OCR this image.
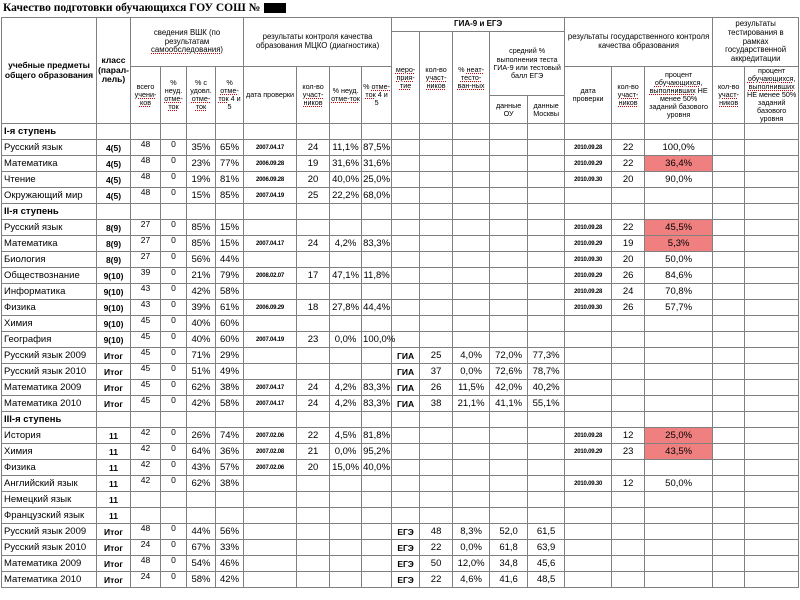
Качество подготовки обучающихся ГОУ СОШ №
учебные предметы общего образования	класс (парал-лель)	сведения ВШК (по результатам самообследования)				результаты контроля качества образования МЦКО (диагностика)				ГИА-9 и ЕГЭ					результаты государственного контроля качества образования			результаты тестирования в рамках государственной аккредитации	
										меро-прия-тие	кол-во участ-ников	% неат-тесто-ван-ных	средний % выполнения теста ГИА-9 или тестовый балл ЕГЭ						
		всего учени-ков	% неуд. отме-ток	% с удовл. отме-ток	% отме-ток 4 и 5	дата проверки	кол-во участ-ников	% неуд. отме-ток	% отме-ток 4 и 5						дата проверки	кол-во участ-ников	процент обучающихся, выполнивших НЕ менее 50% заданий базового уровня	кол-во участ-ников	процент обучающихся, выполнивших НЕ менее 50% заданий базового уровня
													данные ОУ	данные Москвы					
I-я ступень																			
Русский язык	4(5)	48	0	35%	65%	2007.04.17	24	11,1%	87,5%						2010.09.28	22	100,0%		
Математика	4(5)	48	0	23%	77%	2006.09.28	19	31,6%	31,6%						2010.09.29	22	36,4%		
Чтение	4(5)	48	0	19%	81%	2006.09.28	20	40,0%	25,0%						2010.09.30	20	90,0%		
Окружающий мир	4(5)	48	0	15%	85%	2007.04.19	25	22,2%	68,0%										
II-я ступень																			
Русский язык	8(9)	27	0	85%	15%										2010.09.28	22	45,5%		
Математика	8(9)	27	0	85%	15%	2007.04.17	24	4,2%	83,3%						2010.09.29	19	5,3%		
Биология	8(9)	27	0	56%	44%										2010.09.30	20	50,0%		
Обществознание	9(10)	39	0	21%	79%	2008.02.07	17	47,1%	11,8%						2010.09.29	26	84,6%		
Информатика	9(10)	43	0	42%	58%										2010.09.28	24	70,8%		
Физика	9(10)	43	0	39%	61%	2006.09.29	18	27,8%	44,4%						2010.09.30	26	57,7%		
Химия	9(10)	45	0	40%	60%														
География	9(10)	45	0	40%	60%	2007.04.19	23	0,0%	100,0%										
Русский язык 2009	Итог	45	0	71%	29%					ГИА	25	4,0%	72,0%	77,3%					
Русский язык 2010	Итог	45	0	51%	49%					ГИА	37	0,0%	72,6%	78,7%					
Математика 2009	Итог	45	0	62%	38%	2007.04.17	24	4,2%	83,3%	ГИА	26	11,5%	42,0%	40,2%					
Математика 2010	Итог	45	0	42%	58%	2007.04.17	24	4,2%	83,3%	ГИА	38	21,1%	41,1%	55,1%					
III-я ступень																			
История	11	42	0	26%	74%	2007.02.06	22	4,5%	81,8%						2010.09.28	12	25,0%		
Химия	11	42	0	64%	36%	2007.02.08	21	0,0%	95,2%						2010.09.29	23	43,5%		
Физика	11	42	0	43%	57%	2007.02.06	20	15,0%	40,0%										
Английский язык	11	42	0	62%	38%										2010.09.30	12	50,0%		
Немецкий язык	11																		
Французский язык	11																		
Русский язык 2009	Итог	48	0	44%	56%					ЕГЭ	48	8,3%	52,0	61,5					
Русский язык 2010	Итог	24	0	67%	33%					ЕГЭ	22	0,0%	61,8	63,9					
Математика 2009	Итог	48	0	54%	46%					ЕГЭ	50	12,0%	34,8	45,6					
Математика 2010	Итог	24	0	58%	42%					ЕГЭ	22	4,6%	41,6	48,5					
